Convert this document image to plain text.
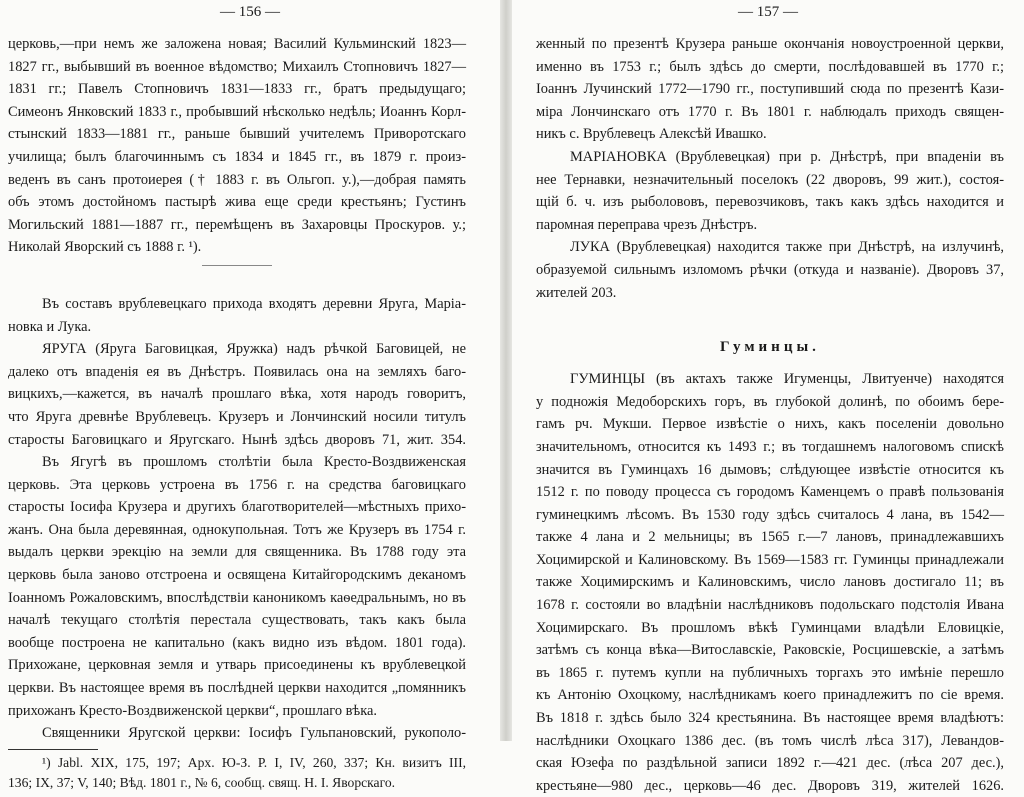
— 156 —
церковь,—при немъ же заложена новая; Василий Кульминский 1823—
1827 гг., выбывший въ военное вѣдомство; Михаилъ Стопновичъ 1827—
1831 гг.; Павелъ Стопновичъ 1831—1833 гг., братъ предыдущаго;
Симеонъ Янковский 1833 г., пробывший нѣсколько недѣль; Иоаннъ Корл-
стынский 1833—1881 гг., раньше бывший учителемъ Приворотскаго
училища; былъ благочиннымъ съ 1834 и 1845 гг., въ 1879 г. произ-
веденъ въ санъ протоиерея († 1883 г. въ Ольгоп. у.),—добрая память
объ этомъ достойномъ пастырѣ жива еще среди крестьянъ; Густинъ
Могильский 1881—1887 гг., перемѣщенъ въ Захаровцы Проскуров. у.;
Николай Яворский съ 1888 г. ¹).
Въ составъ врублевецкаго прихода входятъ деревни Яруга, Маріа-
новка и Лука.
ЯРУГА (Яруга Баговицкая, Яружка) надъ рѣчкой Баговицей, не
далеко отъ впаденія ея въ Днѣстръ. Появилась она на земляхъ баго-
вицкихъ,—кажется, въ началѣ прошлаго вѣка, хотя народъ говоритъ,
что Яруга древнѣе Врублевецъ. Крузеръ и Лончинский носили титулъ
старосты Баговицкаго и Яругскаго. Нынѣ здѣсь дворовъ 71, жит. 354.
Въ Ягугѣ въ прошломъ столѣтіи была Кресто-Воздвиженская
церковь. Эта церковь устроена въ 1756 г. на средства баговицкаго
старосты Іосифа Крузера и другихъ благотворителей—мѣстныхъ прихо-
жанъ. Она была деревянная, однокупольная. Тотъ же Крузеръ въ 1754 г.
выдалъ церкви эрекцію на земли для священника. Въ 1788 году эта
церковь была заново отстроена и освящена Китайгородскимъ деканомъ
Іоанномъ Рожаловскимъ, впослѣдствіи каноникомъ каѳедральнымъ, но въ
началѣ текущаго столѣтія перестала существовать, такъ какъ была
вообще построена не капитально (какъ видно изъ вѣдом. 1801 года).
Прихожане, церковная земля и утварь присоединены къ врублевецкой
церкви. Въ настоящее время въ послѣдней церкви находится „помянникъ
прихожанъ Кресто-Воздвиженской церкви“, прошлаго вѣка.
Священники Яругской церкви: Іосифъ Гульпановский, рукополо-
¹) Jabl. XIX, 175, 197; Арх. Ю-З. Р. I, IV, 260, 337; Кн. визитъ III,
136; IX, 37; V, 140; Вѣд. 1801 г., № 6, сообщ. свящ. Н. I. Яворскаго.
— 157 —
женный по презентѣ Крузера раньше окончанія новоустроенной церкви,
именно въ 1753 г.; былъ здѣсь до смерти, послѣдовавшей въ 1770 г.;
Іоаннъ Лучинский 1772—1790 гг., поступивший сюда по презентѣ Кази-
міра Лончинскаго отъ 1770 г. Въ 1801 г. наблюдалъ приходъ священ-
никъ с. Врублевецъ Алексѣй Ивашко.
МАРІАНОВКА (Врублевецкая) при р. Днѣстрѣ, при впаденіи въ
нее Тернавки, незначительный поселокъ (22 дворовъ, 99 жит.), состоя-
щій б. ч. изъ рыболововъ, перевозчиковъ, такъ какъ здѣсь находится и
паромная переправа чрезъ Днѣстръ.
ЛУКА (Врублевецкая) находится также при Днѣстрѣ, на излучинѣ,
образуемой сильнымъ изломомъ рѣчки (откуда и названіе). Дворовъ 37,
жителей 203.
Гуминцы.
ГУМИНЦЫ (въ актахъ также Игуменцы, Лвитуенче) находятся
у подножія Медоборскихъ горъ, въ глубокой долинѣ, по обоимъ бере-
гамъ рч. Мукши. Первое извѣстіе о нихъ, какъ поселеніи довольно
значительномъ, относится къ 1493 г.; въ тогдашнемъ налоговомъ спискѣ
значится въ Гуминцахъ 16 дымовъ; слѣдующее извѣстіе относится къ
1512 г. по поводу процесса съ городомъ Каменцемъ о правѣ пользованія
гуминецкимъ лѣсомъ. Въ 1530 году здѣсь считалось 4 лана, въ 1542—
также 4 лана и 2 мельницы; въ 1565 г.—7 лановъ, принадлежавшихъ
Хоцимирской и Калиновскому. Въ 1569—1583 гг. Гуминцы принадлежали
также Хоцимирскимъ и Калиновскимъ, число лановъ достигало 11; въ
1678 г. состояли во владѣніи наслѣдниковъ подольскаго подстолія Ивана
Хоцимирскаго. Въ прошломъ вѣкѣ Гуминцами владѣли Еловицкіе,
затѣмъ съ конца вѣка—Витославскіе, Раковскіе, Росцишевскіе, а затѣмъ
въ 1865 г. путемъ купли на публичныхъ торгахъ это имѣніе перешло
къ Антонію Охоцкому, наслѣдникамъ коего принадлежитъ по сіе время.
Въ 1818 г. здѣсь было 324 крестьянина. Въ настоящее время владѣютъ:
наслѣдники Охоцкаго 1386 дес. (въ томъ числѣ лѣса 317), Левандов-
ская Юзефа по раздѣльной записи 1892 г.—421 дес. (лѣса 207 дес.),
крестьяне—980 дес., церковь—46 дес. Дворовъ 319, жителей 1626.
